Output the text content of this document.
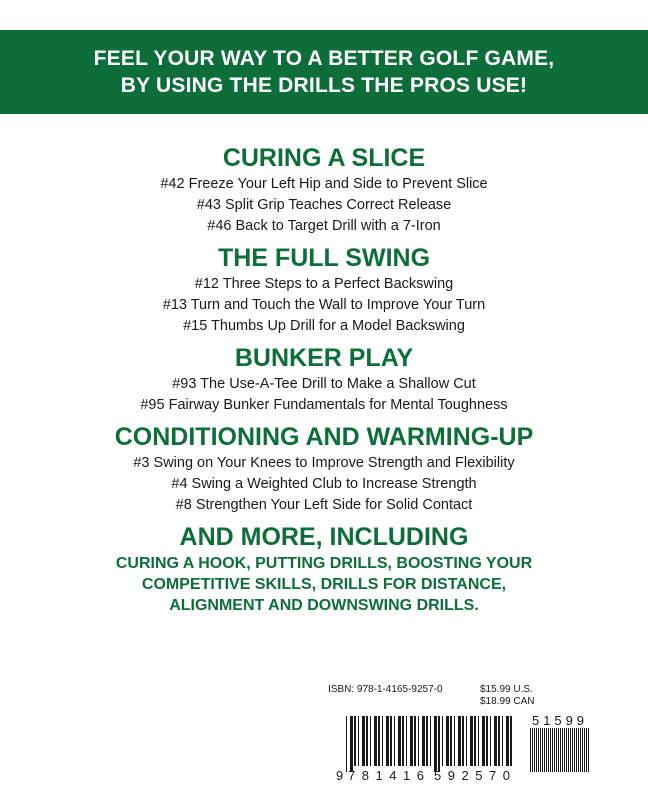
FEEL YOUR WAY TO A BETTER GOLF GAME,
BY USING THE DRILLS THE PROS USE!
CURING A SLICE
#42 Freeze Your Left Hip and Side to Prevent Slice
#43 Split Grip Teaches Correct Release
#46 Back to Target Drill with a 7-Iron
THE FULL SWING
#12 Three Steps to a Perfect Backswing
#13 Turn and Touch the Wall to Improve Your Turn
#15 Thumbs Up Drill for a Model Backswing
BUNKER PLAY
#93 The Use-A-Tee Drill to Make a Shallow Cut
#95 Fairway Bunker Fundamentals for Mental Toughness
CONDITIONING AND WARMING-UP
#3 Swing on Your Knees to Improve Strength and Flexibility
#4 Swing a Weighted Club to Increase Strength
#8 Strengthen Your Left Side for Solid Contact
AND MORE, INCLUDING
CURING A HOOK, PUTTING DRILLS, BOOSTING YOUR
COMPETITIVE SKILLS, DRILLS FOR DISTANCE,
ALIGNMENT AND DOWNSWING DRILLS.
ISBN: 978-1-4165-9257-0	$15.99 U.S.
$18.99 CAN
9 781416 592570
51599
